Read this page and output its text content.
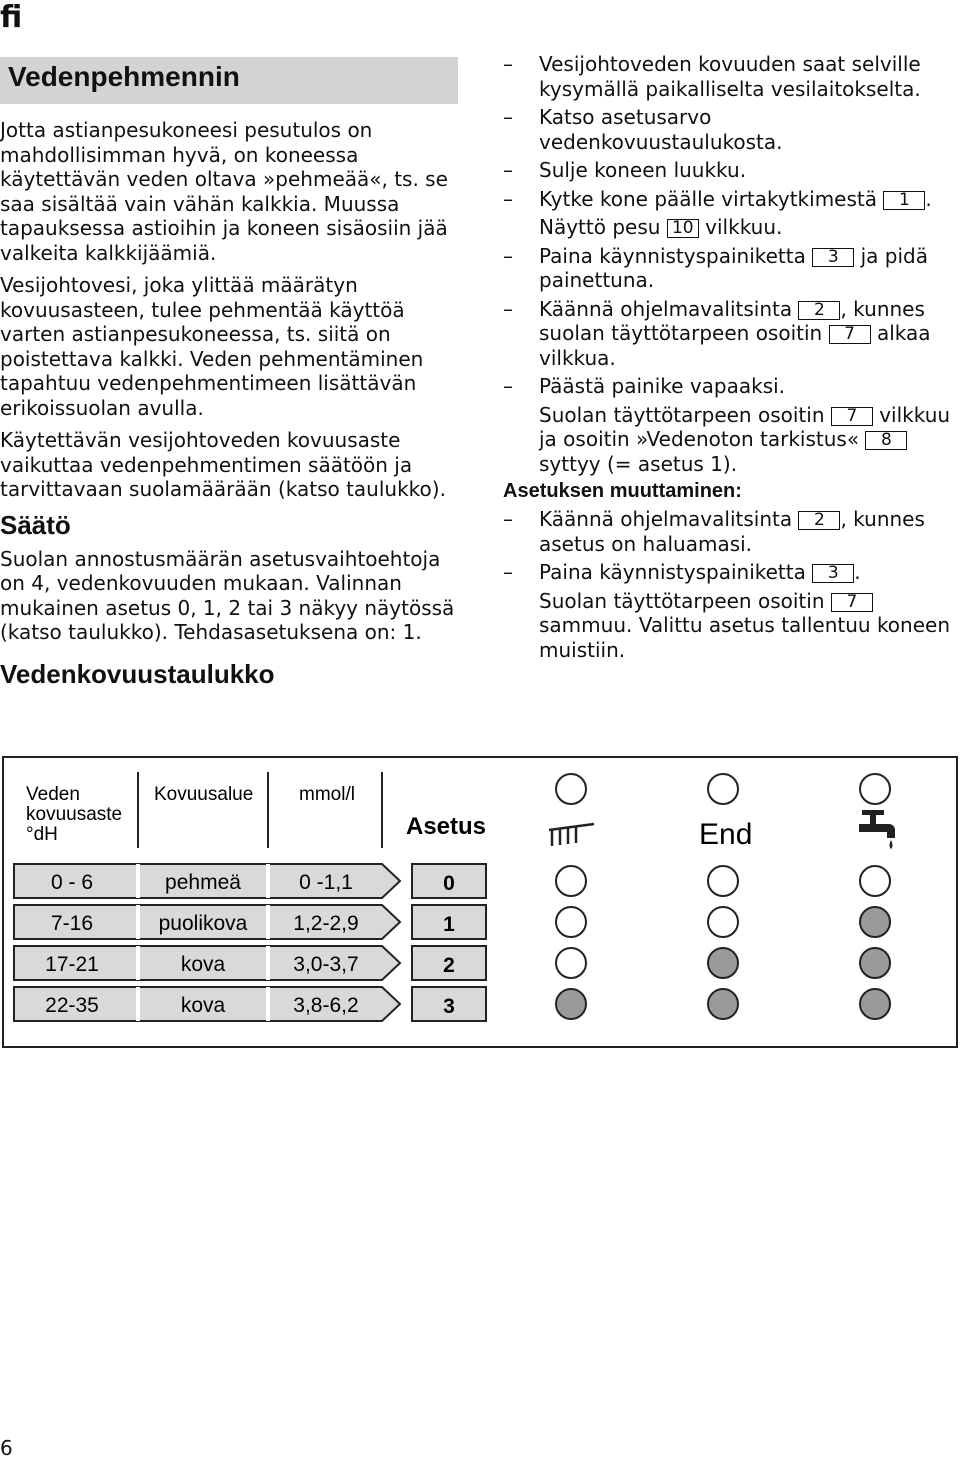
fi
Vedenpehmennin

Jotta astianpesukoneesi pesutulos on mahdollisimman hyvä, on koneessa käytettävän veden oltava »pehmeää«, ts. se saa sisältää vain vähän kalkkia. Muussa tapauksessa astioihin ja koneen sisäosiin jää valkeita kalkkijäämiä.

Vesijohtovesi, joka ylittää määrätyn kovuusasteen, tulee pehmentää käyttöä varten astianpesukoneessa, ts. siitä on poistettava kalkki. Veden pehmentäminen tapahtuu vedenpehmentimeen lisättävän erikoissuolan avulla.

Käytettävän vesijohtoveden kovuusaste vaikuttaa vedenpehmentimen säätöön ja tarvittavaan suolamäärään (katso taulukko).

Säätö

Suolan annostusmäärän asetusvaihtoehtoja on 4, vedenkovuuden mukaan. Valinnan mukainen asetus 0, 1, 2 tai 3 näkyy näytössä (katso taulukko). Tehdasasetuksena on: 1.

Vedenkovuustaulukko
– Vesijohtoveden kovuuden saat selville kysymällä paikalliselta vesilaitokselta.
– Katso asetusarvo vedenkovuustaulukosta.
– Sulje koneen luukku.
– Kytke kone päälle virtakytkimestä 1 .
Näyttö pesu 10 vilkkuu.
– Paina käynnistyspainiketta 3 ja pidä painettuna.
– Käännä ohjelmavalitsinta 2 , kunnes suolan täyttötarpeen osoitin 7 alkaa vilkkua.
– Päästä painike vapaaksi.
Suolan täyttötarpeen osoitin 7 vilkkuu ja osoitin »Vedenoton tarkistus« 8 syttyy (= asetus 1).
Asetuksen muuttaminen:
– Käännä ohjelmavalitsinta 2 , kunnes asetus on haluamasi.
– Paina käynnistyspainiketta 3 .
Suolan täyttötarpeen osoitin 7 sammuu. Valittu asetus tallentuu koneen muistiin.
Veden
kovuusaste
°dH
Kovuusalue mmol/l
Asetus	End
0 - 6	pehmeä	0 -1,1	0
7-16	puolikova 1,2-2,9	1
17-21	kova	3,0-3,7	2
22-35	kova	3,8-6,2	3
6
